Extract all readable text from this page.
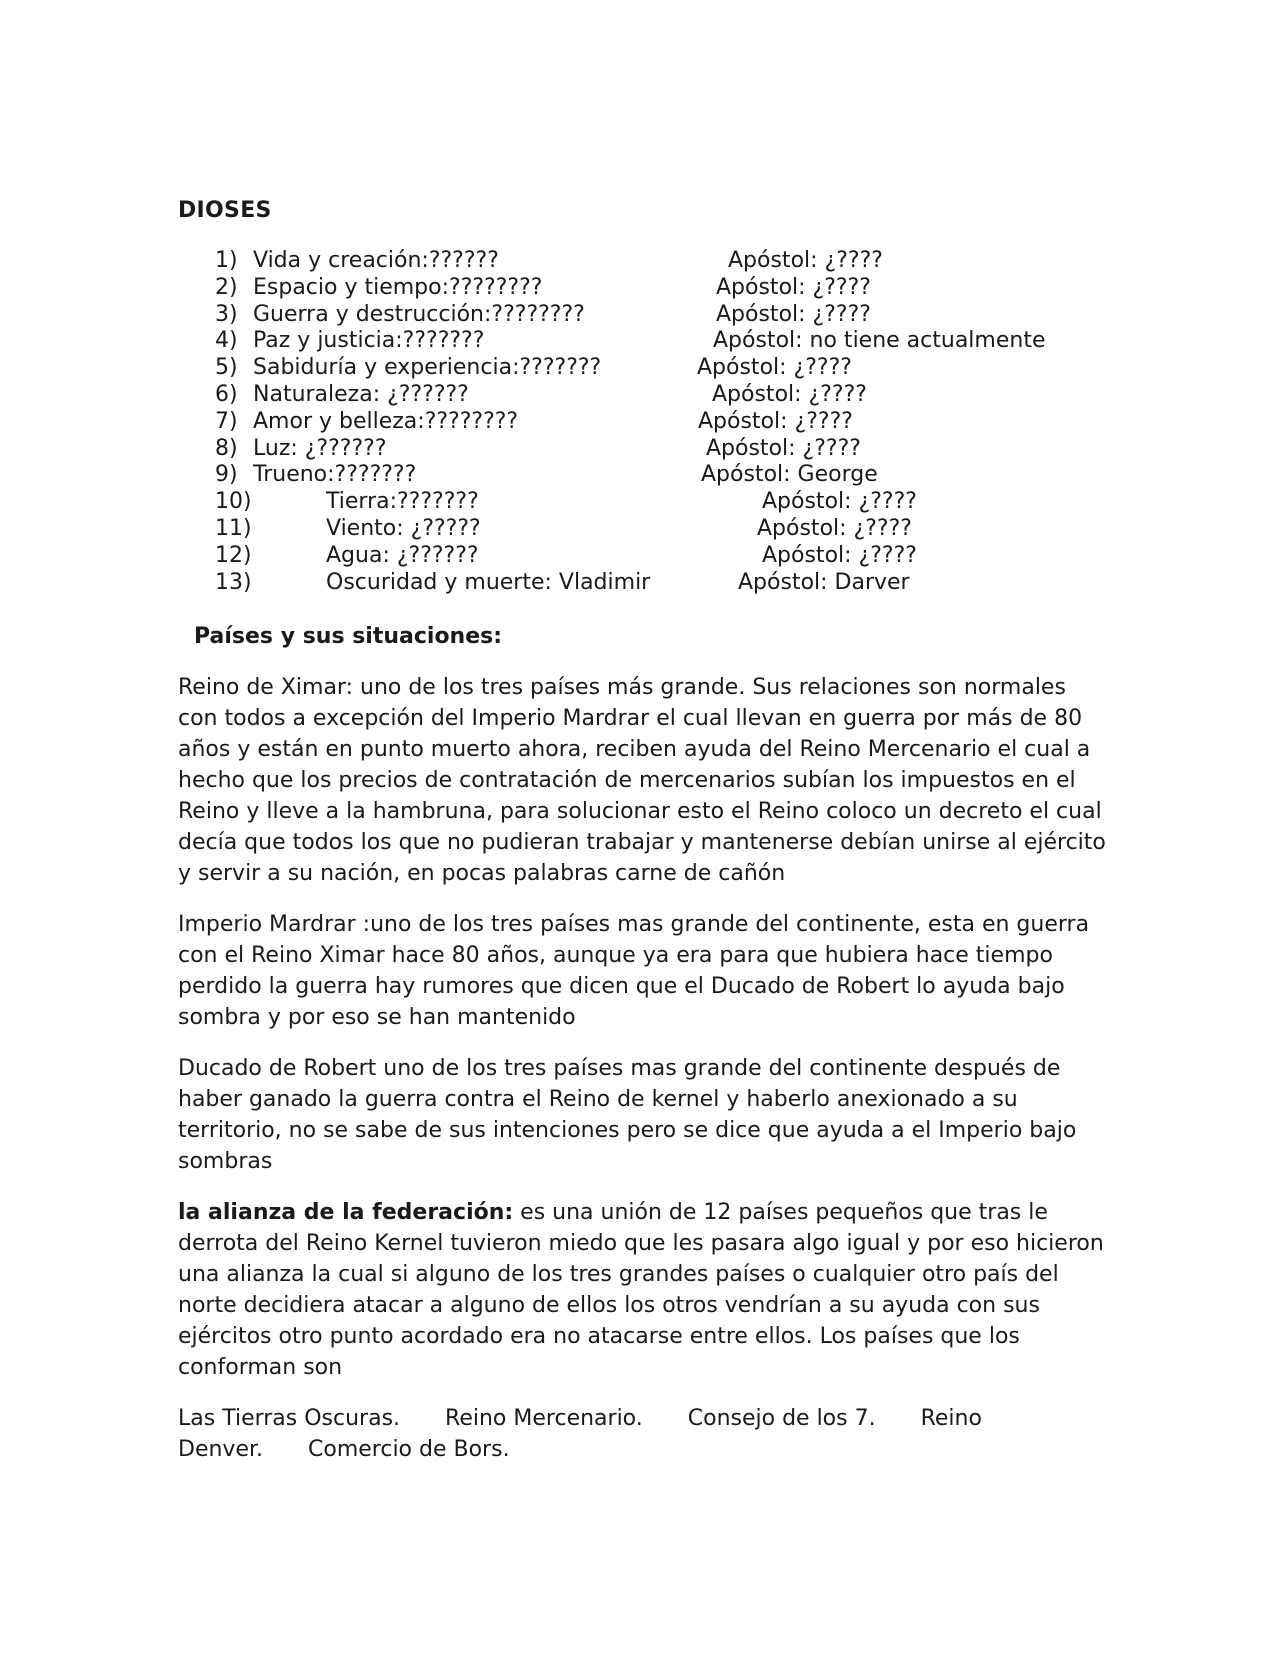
DIOSES
1) Vida y creación:??????	Apóstol: ¿????
2) Espacio y tiempo:????????	Apóstol: ¿????
3) Guerra y destrucción:????????	Apóstol: ¿????
4) Paz y justicia:???????	Apóstol: no tiene actualmente
5) Sabiduría y experiencia:???????	Apóstol: ¿????
6) Naturaleza: ¿??????	Apóstol: ¿????
7) Amor y belleza:????????	Apóstol: ¿????
8) Luz: ¿??????	Apóstol: ¿????
9) Trueno:???????	Apóstol: George
10)	Tierra:???????	Apóstol: ¿????
11)	Viento: ¿?????	Apóstol: ¿????
12)	Agua: ¿??????	Apóstol: ¿????
13)	Oscuridad y muerte: Vladimir	Apóstol: Darver
Países y sus situaciones:

Reino de Ximar: uno de los tres países más grande. Sus relaciones son normales con todos a excepción del Imperio Mardrar el cual llevan en guerra por más de 80 años y están en punto muerto ahora, reciben ayuda del Reino Mercenario el cual a hecho que los precios de contratación de mercenarios subían los impuestos en el Reino y lleve a la hambruna, para solucionar esto el Reino coloco un decreto el cual decía que todos los que no pudieran trabajar y mantenerse debían unirse al ejército y servir a su nación, en pocas palabras carne de cañón

Imperio Mardrar :uno de los tres países mas grande del continente, esta en guerra con el Reino Ximar hace 80 años, aunque ya era para que hubiera hace tiempo perdido la guerra hay rumores que dicen que el Ducado de Robert lo ayuda bajo sombra y por eso se han mantenido

Ducado de Robert uno de los tres países mas grande del continente después de haber ganado la guerra contra el Reino de kernel y haberlo anexionado a su territorio, no se sabe de sus intenciones pero se dice que ayuda a el Imperio bajo sombras

la alianza de la federación: es una unión de 12 países pequeños que tras le derrota del Reino Kernel tuvieron miedo que les pasara algo igual y por eso hicieron una alianza la cual si alguno de los tres grandes países o cualquier otro país del norte decidiera atacar a alguno de ellos los otros vendrían a su ayuda con sus ejércitos otro punto acordado era no atacarse entre ellos. Los países que los conforman son

Las Tierras Oscuras. Reino Mercenario. Consejo de los 7. Reino Denver. Comercio de Bors.
